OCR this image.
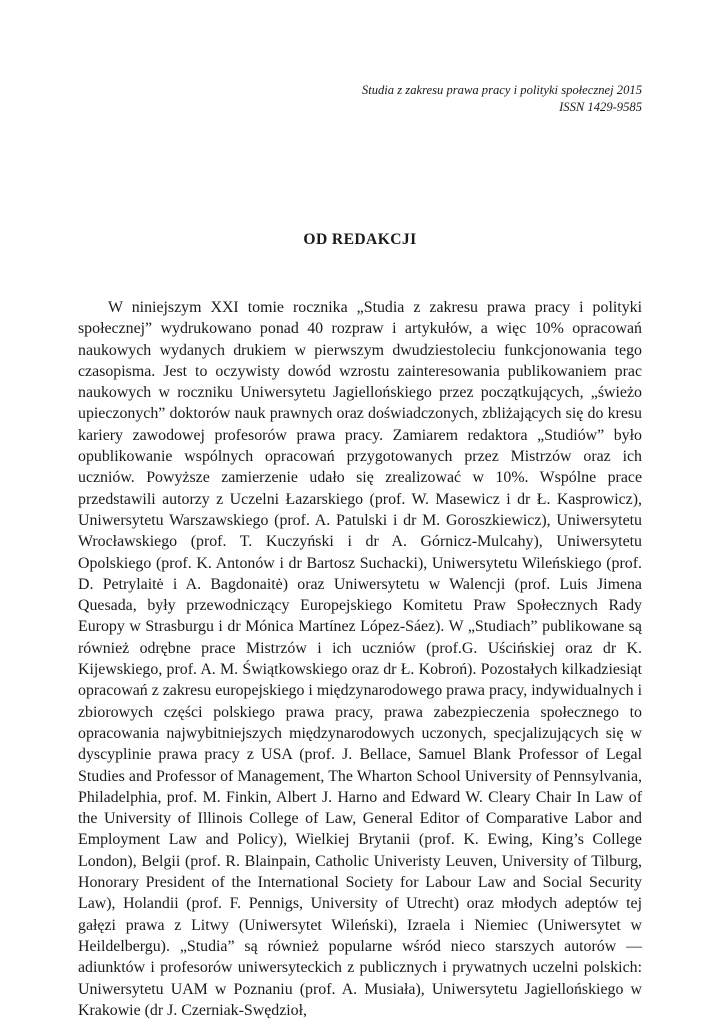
Studia z zakresu prawa pracy i polityki społecznej 2015
ISSN 1429-9585
OD REDAKCJI

W niniejszym XXI tomie rocznika „Studia z zakresu prawa pracy i polityki społecznej” wydrukowano ponad 40 rozpraw i artykułów, a więc 10% opracowań naukowych wydanych drukiem w pierwszym dwudziestoleciu funkcjonowania tego czasopisma. Jest to oczywisty dowód wzrostu zainteresowania publikowaniem prac naukowych w roczniku Uniwersytetu Jagiellońskiego przez początkujących, „świeżo upieczonych” doktorów nauk prawnych oraz doświadczonych, zbliżających się do kresu kariery zawodowej profesorów prawa pracy. Zamiarem redaktora „Studiów” było opublikowanie wspólnych opracowań przygotowanych przez Mistrzów oraz ich uczniów. Powyższe zamierzenie udało się zrealizować w 10%. Wspólne prace przedstawili autorzy z Uczelni Łazarskiego (prof. W. Masewicz i dr Ł. Kasprowicz), Uniwersytetu Warszawskiego (prof. A. Patulski i dr M. Goroszkiewicz), Uniwersytetu Wrocławskiego (prof. T. Kuczyński i dr A. Górnicz-Mulcahy), Uniwersytetu Opolskiego (prof. K. Antonów i dr Bartosz Suchacki), Uniwersytetu Wileńskiego (prof. D. Petrylaitė i A. Bagdonaitė) oraz Uniwersytetu w Walencji (prof. Luis Jimena Quesada, były przewodniczący Europejskiego Komitetu Praw Społecznych Rady Europy w Strasburgu i dr Mónica Martínez López-Sáez). W „Studiach” publikowane są również odrębne prace Mistrzów i ich uczniów (prof.G. Uścińskiej oraz dr K. Kijewskiego, prof. A. M. Świątkowskiego oraz dr Ł. Kobroń). Pozostałych kilkadziesiąt opracowań z zakresu europejskiego i międzynarodowego prawa pracy, indywidualnych i zbiorowych części polskiego prawa pracy, prawa zabezpieczenia społecznego to opracowania najwybitniejszych międzynarodowych uczonych, specjalizujących się w dyscyplinie prawa pracy z USA (prof. J. Bellace, Samuel Blank Professor of Legal Studies and Professor of Management, The Wharton School University of Pennsylvania, Philadelphia, prof. M. Finkin, Albert J. Harno and Edward W. Cleary Chair In Law of the University of Illinois College of Law, General Editor of Comparative Labor and Employment Law and Policy), Wielkiej Brytanii (prof. K. Ewing, King’s College London), Belgii (prof. R. Blainpain, Catholic Univeristy Leuven, University of Tilburg, Honorary President of the International Society for Labour Law and Social Security Law), Holandii (prof. F. Pennigs, University of Utrecht) oraz młodych adeptów tej gałęzi prawa z Litwy (Uniwersytet Wileński), Izraela i Niemiec (Uniwersytet w Heildelbergu). „Studia” są również popularne wśród nieco starszych autorów — adiunktów i profesorów uniwersyteckich z publicznych i prywatnych uczelni polskich: Uniwersytetu UAM w Poznaniu (prof. A. Musiała), Uniwersytetu Jagiellońskiego w Krakowie (dr J. Czerniak-Swędzioł,
